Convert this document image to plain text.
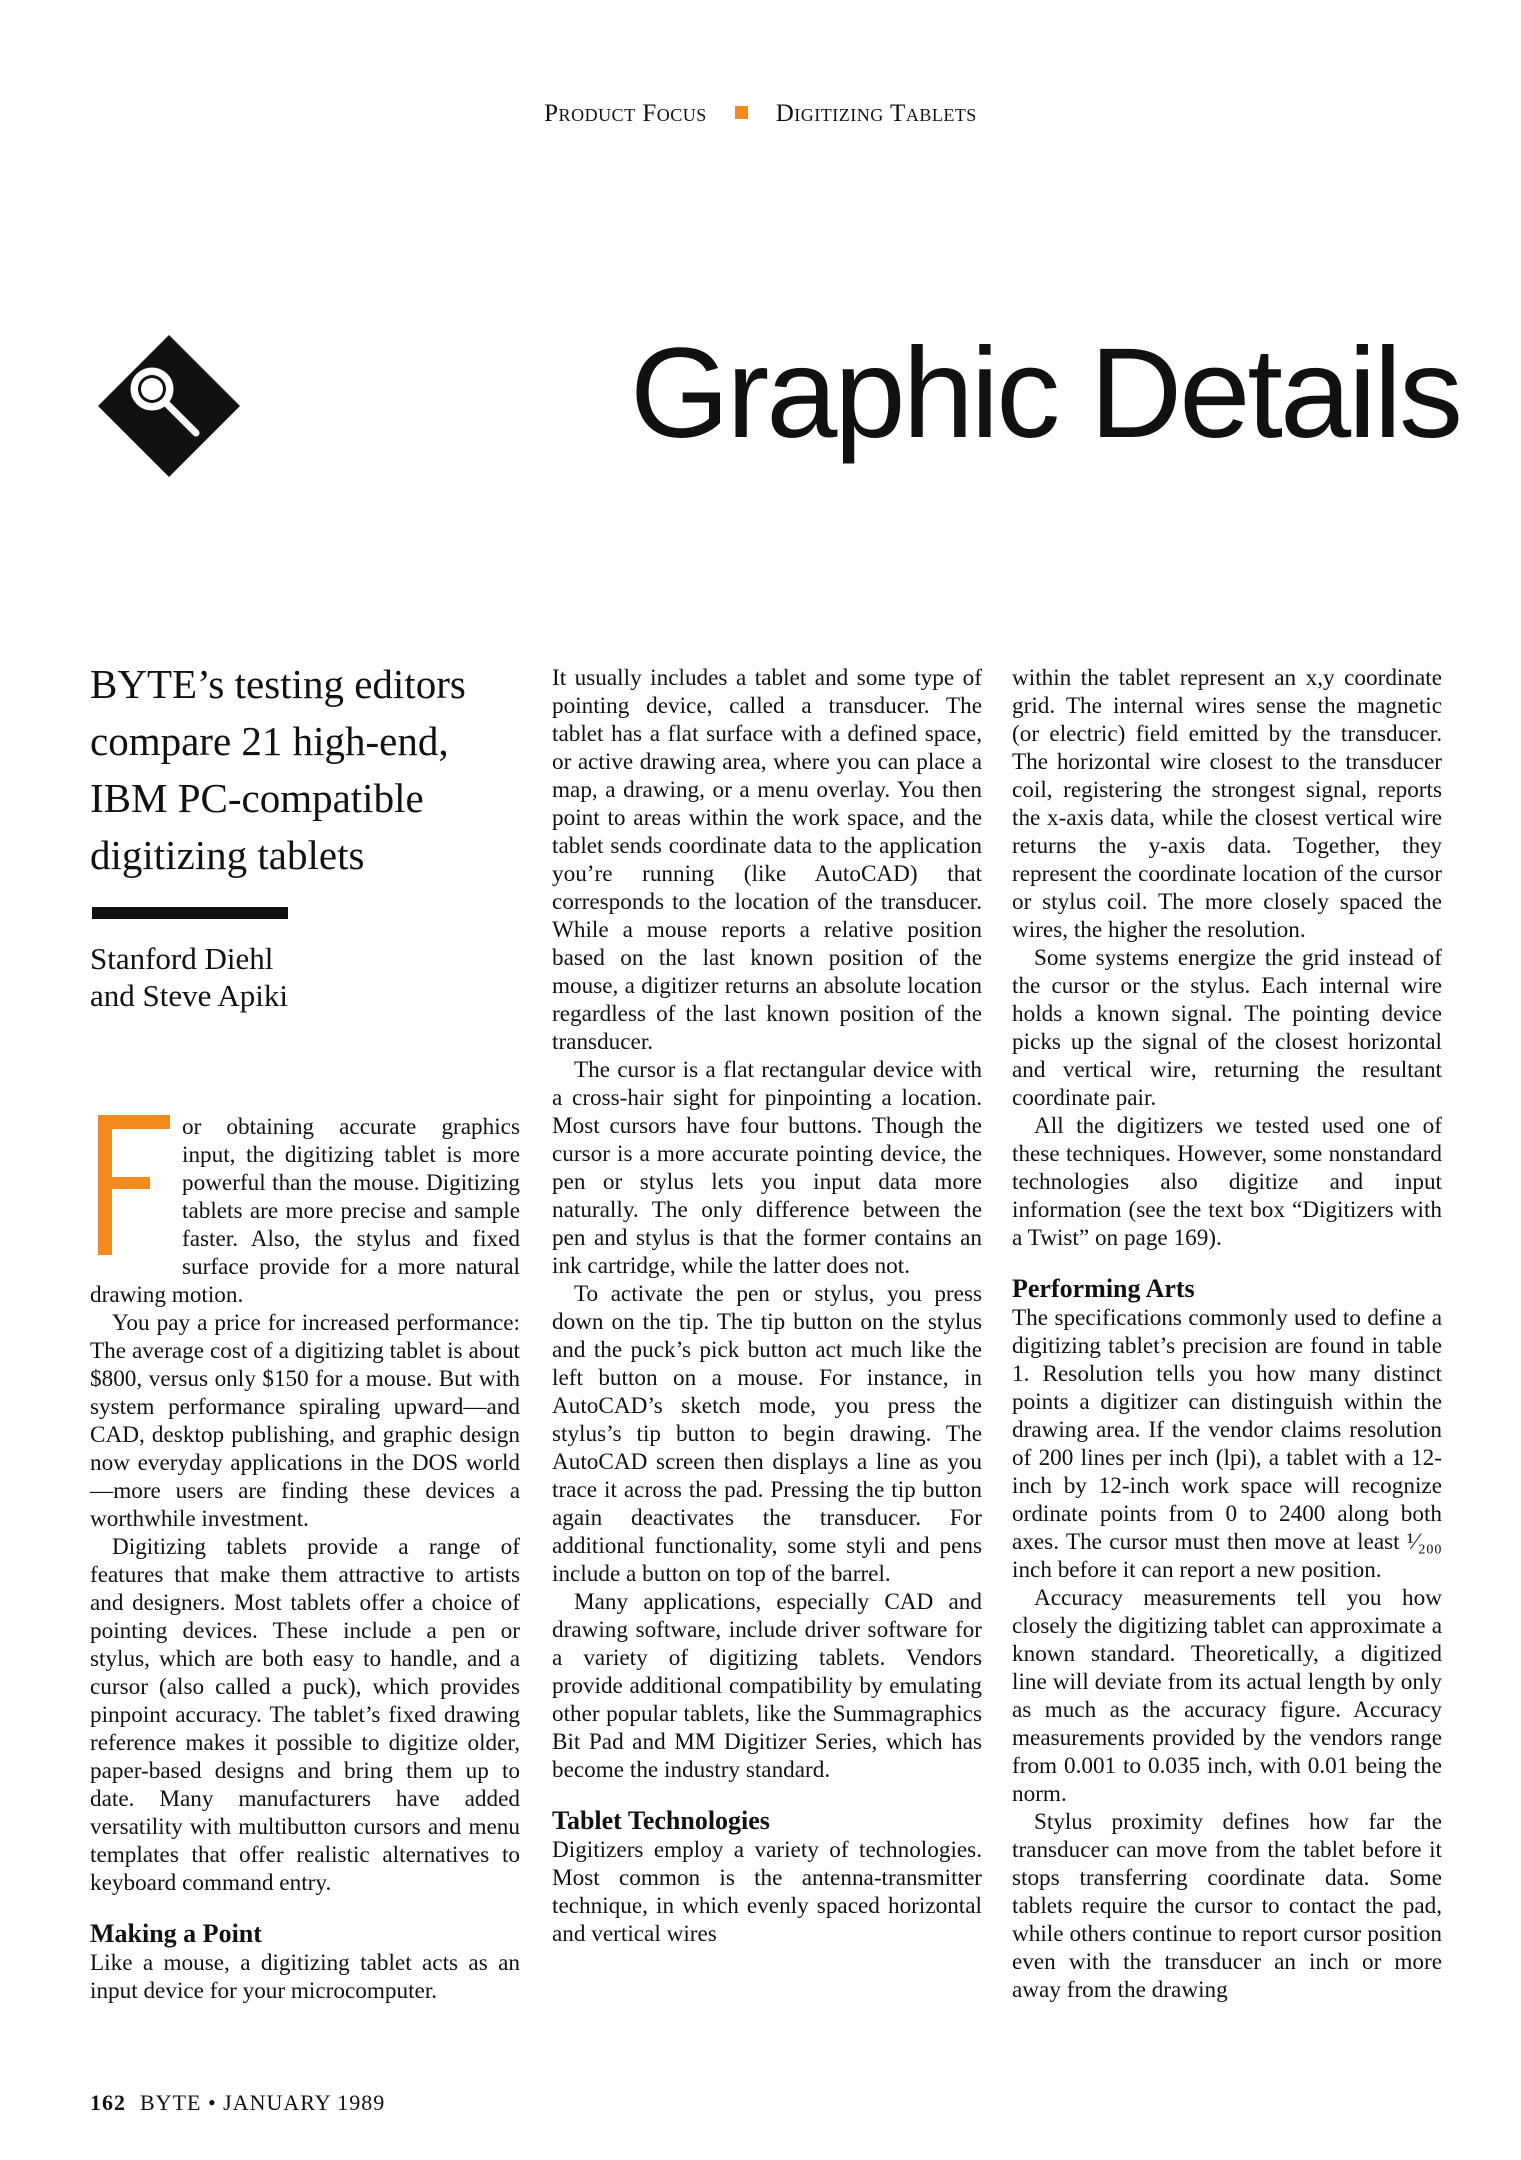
Product Focus	Digitizing Tablets
Graphic Details
BYTE’s testing editors compare 21 high-end, IBM PC-compatible digitizing tablets
Stanford Diehl
and Steve Apiki

or obtaining accurate graphics input, the digitizing tablet is more powerful than the mouse. Digitizing tablets are more precise and sample faster. Also, the stylus and fixed surface provide for a more natural drawing motion.

You pay a price for increased performance: The average cost of a digitizing tablet is about $800, versus only $150 for a mouse. But with system performance spiraling upward—and CAD, desktop publishing, and graphic design now everyday applications in the DOS world—more users are finding these devices a worthwhile investment.

Digitizing tablets provide a range of features that make them attractive to artists and designers. Most tablets offer a choice of pointing devices. These include a pen or stylus, which are both easy to handle, and a cursor (also called a puck), which provides pinpoint accuracy. The tablet’s fixed drawing reference makes it possible to digitize older, paper-based designs and bring them up to date. Many manufacturers have added versatility with multibutton cursors and menu templates that offer realistic alternatives to keyboard command entry.

Making a Point

Like a mouse, a digitizing tablet acts as an input device for your microcomputer.

It usually includes a tablet and some type of pointing device, called a transducer. The tablet has a flat surface with a defined space, or active drawing area, where you can place a map, a drawing, or a menu overlay. You then point to areas within the work space, and the tablet sends coordinate data to the application you’re running (like AutoCAD) that corresponds to the location of the transducer. While a mouse reports a relative position based on the last known position of the mouse, a digitizer returns an absolute location regardless of the last known position of the transducer.

The cursor is a flat rectangular device with a cross-hair sight for pinpointing a location. Most cursors have four buttons. Though the cursor is a more accurate pointing device, the pen or stylus lets you input data more naturally. The only difference between the pen and stylus is that the former contains an ink cartridge, while the latter does not.

To activate the pen or stylus, you press down on the tip. The tip button on the stylus and the puck’s pick button act much like the left button on a mouse. For instance, in AutoCAD’s sketch mode, you press the stylus’s tip button to begin drawing. The AutoCAD screen then displays a line as you trace it across the pad. Pressing the tip button again deactivates the transducer. For additional functionality, some styli and pens include a button on top of the barrel.

Many applications, especially CAD and drawing software, include driver software for a variety of digitizing tablets. Vendors provide additional compatibility by emulating other popular tablets, like the Summagraphics Bit Pad and MM Digitizer Series, which has become the industry standard.

Tablet Technologies

Digitizers employ a variety of technologies. Most common is the antenna-transmitter technique, in which evenly spaced horizontal and vertical wires

within the tablet represent an x,y coordinate grid. The internal wires sense the magnetic (or electric) field emitted by the transducer. The horizontal wire closest to the transducer coil, registering the strongest signal, reports the x-axis data, while the closest vertical wire returns the y-axis data. Together, they represent the coordinate location of the cursor or stylus coil. The more closely spaced the wires, the higher the resolution.

Some systems energize the grid instead of the cursor or the stylus. Each internal wire holds a known signal. The pointing device picks up the signal of the closest horizontal and vertical wire, returning the resultant coordinate pair.

All the digitizers we tested used one of these techniques. However, some nonstandard technologies also digitize and input information (see the text box “Digitizers with a Twist” on page 169).

Performing Arts

The specifications commonly used to define a digitizing tablet’s precision are found in table 1. Resolution tells you how many distinct points a digitizer can distinguish within the drawing area. If the vendor claims resolution of 200 lines per inch (lpi), a tablet with a 12-inch by 12-inch work space will recognize ordinate points from 0 to 2400 along both axes. The cursor must then move at least ¹⁄₂₀₀ inch before it can report a new position.

Accuracy measurements tell you how closely the digitizing tablet can approximate a known standard. Theoretically, a digitized line will deviate from its actual length by only as much as the accuracy figure. Accuracy measurements provided by the vendors range from 0.001 to 0.035 inch, with 0.01 being the norm.

Stylus proximity defines how far the transducer can move from the tablet before it stops transferring coordinate data. Some tablets require the cursor to contact the pad, while others continue to report cursor position even with the transducer an inch or more away from the drawing

162 BYTE • JANUARY 1989
